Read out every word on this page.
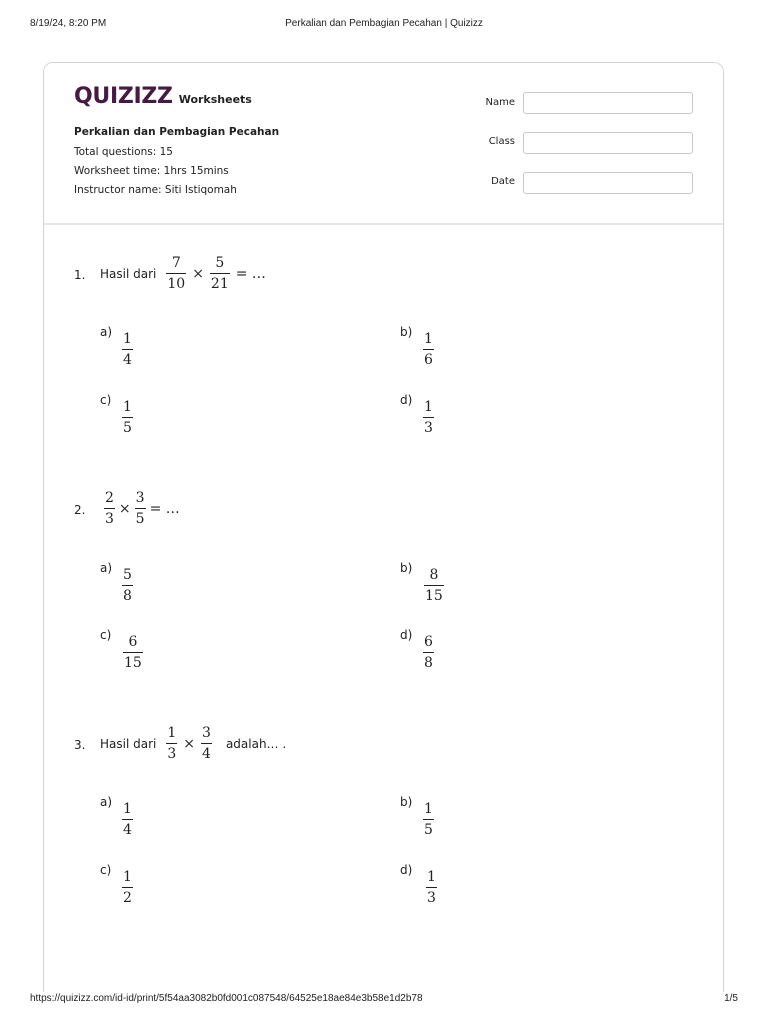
8/19/24, 8:20 PM	Perkalian dan Pembagian Pecahan | Quizizz
QUIZIZZ Worksheets
Perkalian dan Pembagian Pecahan
Total questions: 15
Worksheet time: 1hrs 15mins
Instructor name: Siti Istiqomah
Name
Class
Date
1. Hasil dari $\frac{7}{10} \times \frac{5}{21}$ = …
$a) \frac{1}{4}$	$b) \frac{1}{6}$
$c) \frac{1}{5}$	$d) \frac{1}{3}$
2. $\frac{2}{3} \times \frac{3}{5}$ = …
$a) \frac{5}{8}$	$b) \frac{8}{15}$
$c) \frac{6}{15}$	$d) \frac{6}{8}$
3. Hasil dari $\frac{1}{3} \times \frac{3}{4}$ adalah… .
$a) \frac{1}{4}$	$b) \frac{1}{5}$
$c) \frac{1}{2}$	$d) \frac{1}{3}$
https://quizizz.com/id-id/print/5f54aa3082b0fd001c087548/64525e18ae84e3b58e1d2b78	1/5
